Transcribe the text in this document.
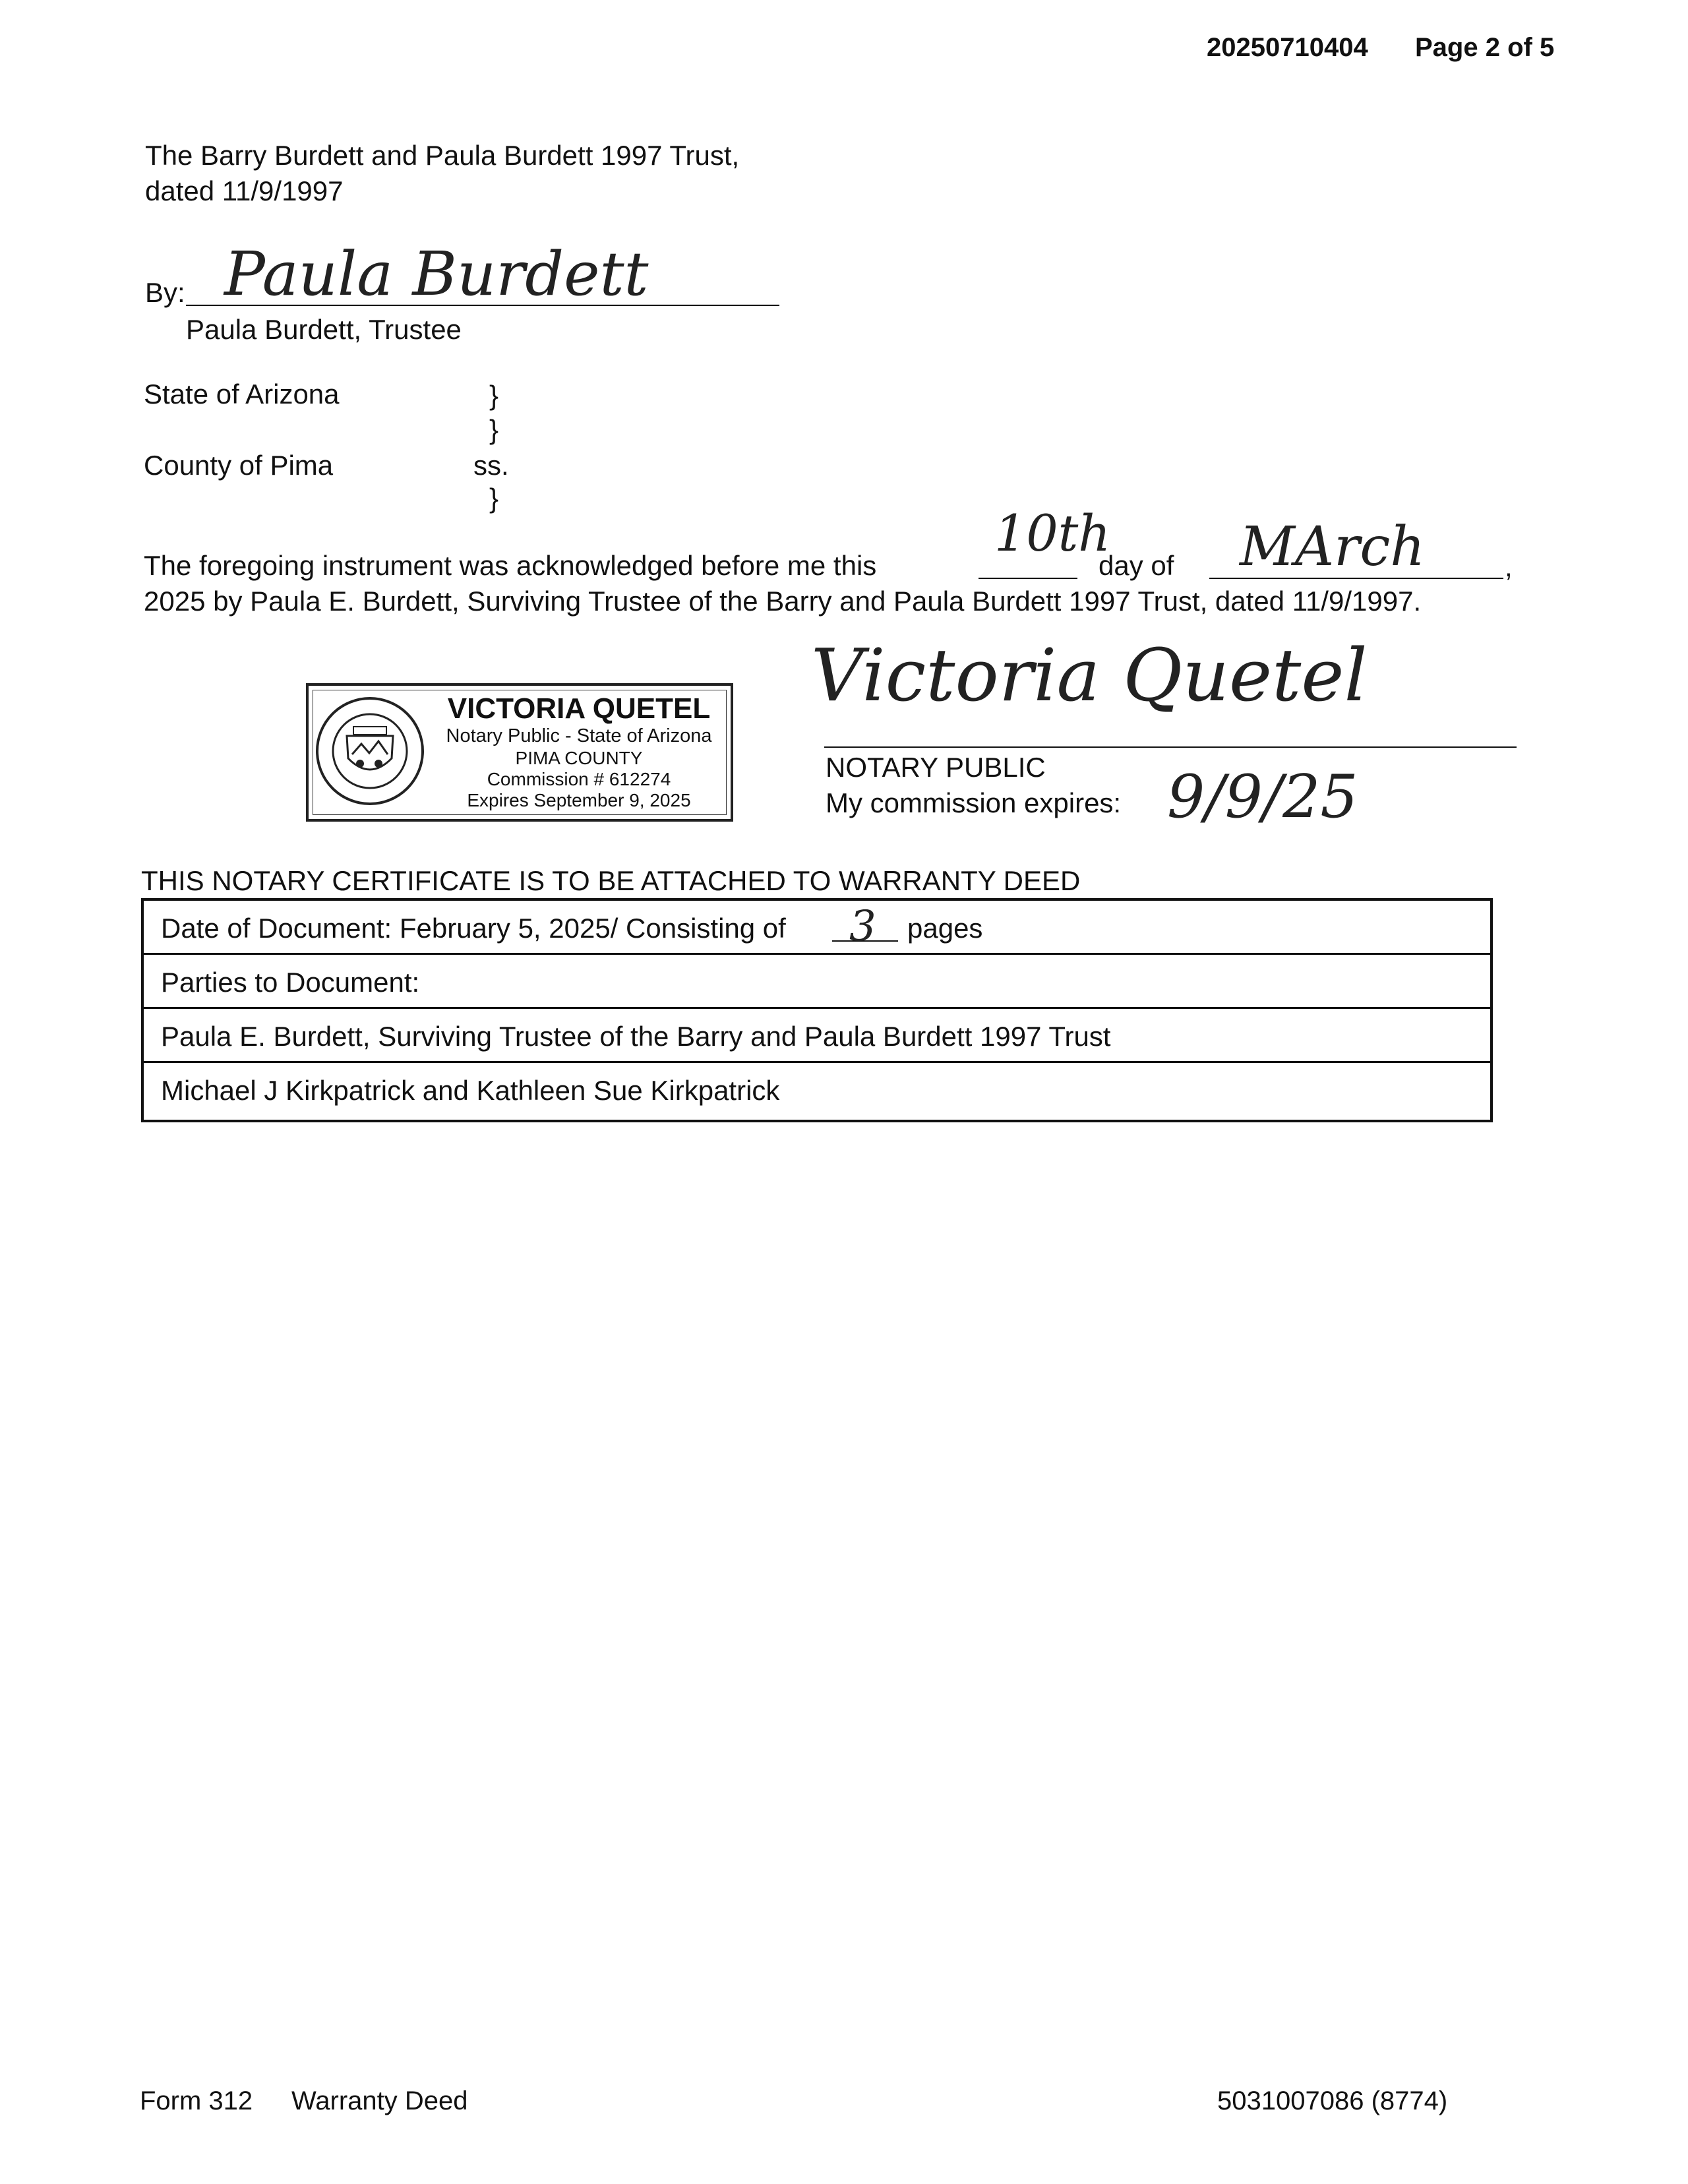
20250710404 Page 2 of 5
The Barry Burdett and Paula Burdett 1997 Trust,
dated 11/9/1997
By: Paula Burdett
Paula Burdett, Trustee
State of Arizona
County of Pima
}
}
ss.
}
The foregoing instrument was acknowledged before me this
10th
day of MArch	,
2025 by Paula E. Burdett, Surviving Trustee of the Barry and Paula Burdett 1997 Trust, dated 11/9/1997.
VICTORIA QUETEL
Notary Public - State of Arizona
PIMA COUNTY
Commission # 612274
Expires September 9, 2025
Victoria Quetel
NOTARY PUBLIC
My commission expires: 9/9/25
THIS NOTARY CERTIFICATE IS TO BE ATTACHED TO WARRANTY DEED
Date of Document: February 5, 2025/ Consisting of 3 pages
Parties to Document:
Paula E. Burdett, Surviving Trustee of the Barry and Paula Burdett 1997 Trust
Michael J Kirkpatrick and Kathleen Sue Kirkpatrick
Form 312 Warranty Deed	5031007086 (8774)
